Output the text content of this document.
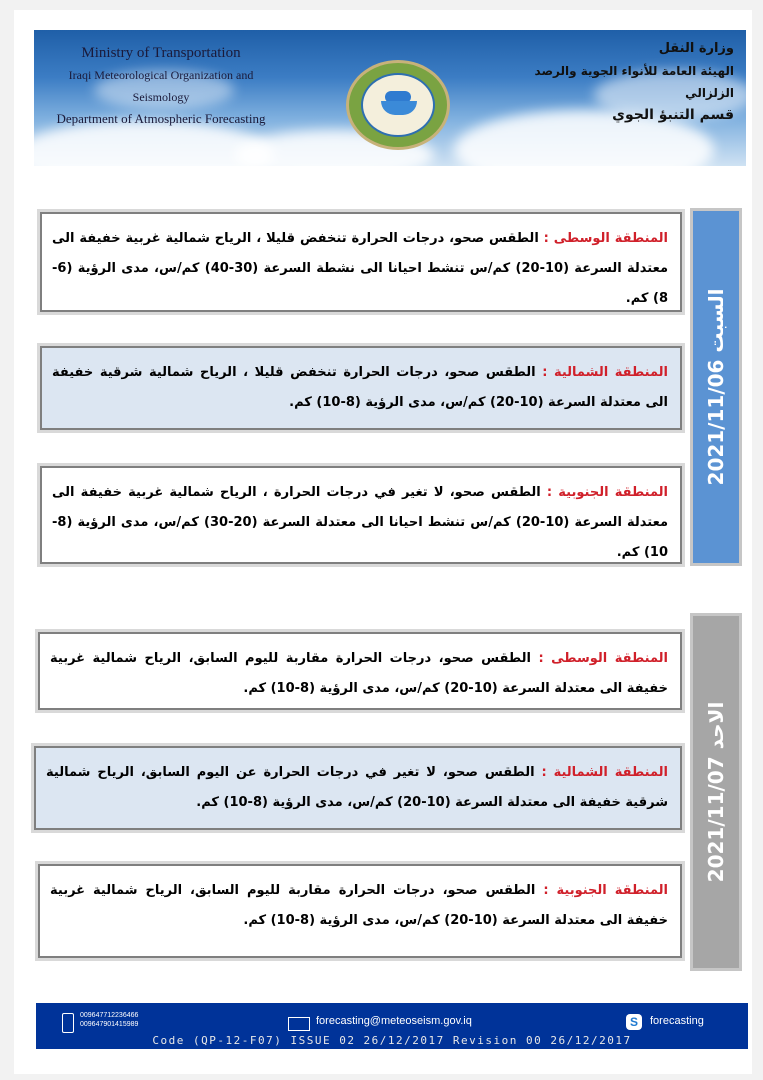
Ministry of Transportation
Iraqi Meteorological Organization and Seismology
Department of Atmospheric Forecasting
وزارة النقل
الهيئة العامة للأنواء الجوية والرصد الزلزالي
قسم التنبؤ الجوي
السبت 2021/11/06
المنطقة الوسطى : الطقس صحو، درجات الحرارة تنخفض قليلا ، الرياح شمالية غربية خفيفة الى معتدلة السرعة (10-20) كم/س تنشط احيانا الى نشطة السرعة (30-40) كم/س، مدى الرؤية (6-8) كم.
المنطقة الشمالية : الطقس صحو، درجات الحرارة تنخفض قليلا ، الرياح شمالية شرقية خفيفة الى معتدلة السرعة (10-20) كم/س، مدى الرؤية (8-10) كم.
المنطقة الجنوبية : الطقس صحو، لا تغير في درجات الحرارة ، الرياح شمالية غربية خفيفة الى معتدلة السرعة (10-20) كم/س تنشط احيانا الى معتدلة السرعة (20-30) كم/س، مدى الرؤية (8-10) كم.
الاحد 2021/11/07
المنطقة الوسطى : الطقس صحو، درجات الحرارة مقاربة لليوم السابق، الرياح شمالية غربية خفيفة الى معتدلة السرعة (10-20) كم/س، مدى الرؤية (8-10) كم.
المنطقة الشمالية : الطقس صحو، لا تغير في درجات الحرارة عن اليوم السابق، الرياح شمالية شرقية خفيفة الى معتدلة السرعة (10-20) كم/س، مدى الرؤية (8-10) كم.
المنطقة الجنوبية : الطقس صحو، درجات الحرارة مقاربة لليوم السابق، الرياح شمالية غربية خفيفة الى معتدلة السرعة (10-20) كم/س، مدى الرؤية (8-10) كم.
009647712236466
009647901415989	forecasting@meteoseism.gov.iq	S	forecasting
Code (QP-12-F07) ISSUE 02 26/12/2017 Revision 00 26/12/2017
